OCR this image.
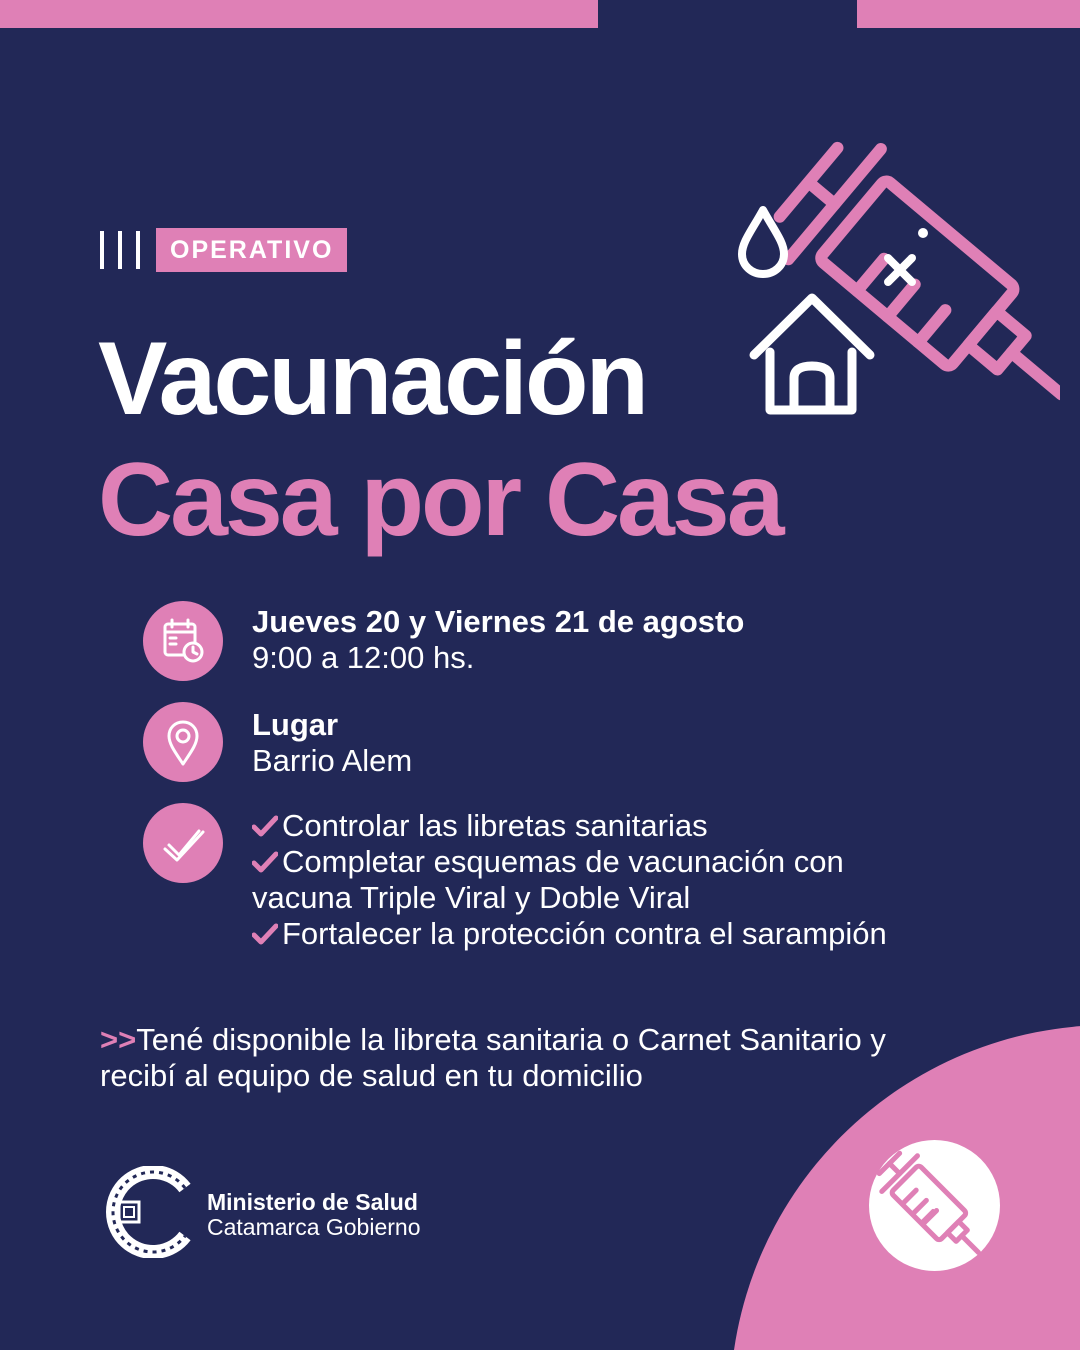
OPERATIVO
Vacunación
Casa por Casa
Jueves 20 y Viernes 21 de agosto
9:00 a 12:00 hs.
Lugar
Barrio Alem
Controlar las libretas sanitarias
Completar esquemas de vacunación con vacuna Triple Viral y Doble Viral
Fortalecer la protección contra el sarampión
>>Tené disponible la libreta sanitaria o Carnet Sanitario y recibí al equipo de salud en tu domicilio
Ministerio de Salud
Catamarca Gobierno
